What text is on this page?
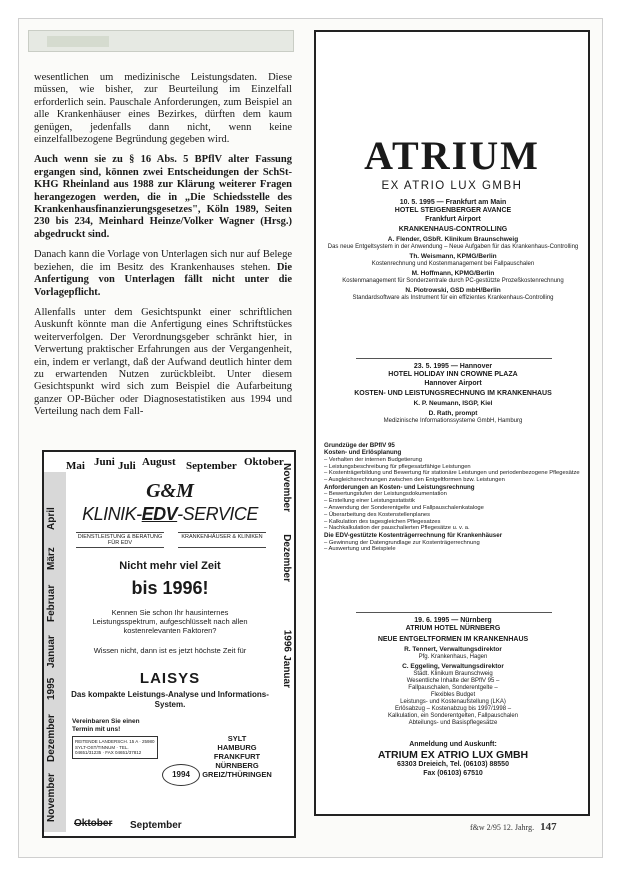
wesentlichen um medizinische Leistungsdaten. Diese müssen, wie bisher, zur Beurteilung im Einzelfall erforderlich sein. Pauschale Anforderungen, zum Beispiel an alle Krankenhäuser eines Bezirkes, dürften dem kaum genügen, jedenfalls dann nicht, wenn keine einzelfallbezogene Begründung gegeben wird.

Auch wenn sie zu § 16 Abs. 5 BPflV alter Fassung ergangen sind, können zwei Entscheidungen der SchSt-KHG Rheinland aus 1988 zur Klärung weiterer Fragen herangezogen werden, die in „Die Schiedsstelle des Krankenhausfinanzierungsgesetzes", Köln 1989, Seiten 230 bis 234, Meinhard Heinze/Volker Wagner (Hrsg.) abgedruckt sind.

Danach kann die Vorlage von Unterlagen sich nur auf Belege beziehen, die im Besitz des Krankenhauses stehen. Die Anfertigung von Unterlagen fällt nicht unter die Vorlagepflicht.

Allenfalls unter dem Gesichtspunkt einer schriftlichen Auskunft könnte man die Anfertigung eines Schriftstückes weiterverfolgen. Der Verordnungsgeber schränkt hier, in Verwertung praktischer Erfahrungen aus der Vergangenheit, ein, indem er verlangt, daß der Aufwand deutlich hinter dem zu erwartenden Nutzen zurückbleibt. Unter diesem Gesichtspunkt wird sich zum Beispiel die Aufarbeitung ganzer OP-Bücher oder Diagnosestatistiken aus 1994 und Verteilung nach dem Fall-

Mai Juni Juli August September Oktober
April
März
Februar
Januar
1995
Dezember
November
November
Dezember
1996
Januar
G&M
KLINIK-EDV-SERVICE
DIENSTLEISTUNG & BERATUNG FÜR EDV
KRANKENHÄUSER & KLINIKEN
Nicht mehr viel Zeit
bis 1996!
Kennen Sie schon Ihr hausinternes Leistungsspektrum, aufgeschlüsselt nach allen kostenrelevanten Faktoren?
Wissen nicht, dann ist es jetzt höchste Zeit für
LAISYS
Das kompakte Leistungs-Analyse und Informations-System.
Vereinbaren Sie einen Termin mit uns!
REITENDE LANDERSCH. 15 A · 25980 SYLT-OST/TINNUM · TEL. 04651/31235 · FAX 04651/37812
1994
SYLT
HAMBURG
FRANKFURT
NÜRNBERG
GREIZ/THÜRINGEN
Oktober September
ATRIUM
EX ATRIO LUX GMBH
10. 5. 1995 — Frankfurt am Main
HOTEL STEIGENBERGER AVANCE
Frankfurt Airport
KRANKENHAUS-CONTROLLING
A. Flender, GSbR. Klinikum Braunschweig
Das neue Entgeltsystem in der Anwendung – Neue Aufgaben für das Krankenhaus-Controlling
Th. Weismann, KPMG/Berlin
Kostenrechnung und Kostenmanagement bei Fallpauschalen
M. Hoffmann, KPMG/Berlin
Kostenmanagement für Sonderzentrale durch PC-gestützte Prozeßkostenrechnung
N. Piotrowski, GSD mbH/Berlin
Standardsoftware als Instrument für ein effizientes Krankenhaus-Controlling
23. 5. 1995 — Hannover
HOTEL HOLIDAY INN CROWNE PLAZA
Hannover Airport
KOSTEN- UND LEISTUNGSRECHNUNG IM KRANKENHAUS
K. P. Neumann, ISGP, Kiel
D. Rath, prompt
Medizinische Informationssysteme GmbH, Hamburg
Grundzüge der BPflV 95
Kosten- und Erlösplanung
– Verhalten der internen Budgetierung
– Leistungsbeschreibung für pflegesatzfähige Leistungen
– Kostenträgerbildung und Bewertung für stationäre Leistungen und periodenbezogene Pflegesätze
– Ausgleichsrechnungen zwischen den Entgeltformen bzw. Leistungen
Anforderungen an Kosten- und Leistungsrechnung
– Bewertungstufen der Leistungsdokumentation
– Erstellung einer Leistungsstatistik
– Anwendung der Sonderentgelte und Fallpauschalenkataloge
– Überarbeitung des Kostenstellenplanes
– Kalkulation des tagesgleichen Pflegesatzes
– Nachkalkulation der pauschalierten Pflegesätze u. v. a.
Die EDV-gestützte Kostenträgerrechnung für Krankenhäuser
– Gewinnung der Datengrundlage zur Kostenträgerrechnung
– Auswertung und Beispiele
19. 6. 1995 — Nürnberg
ATRIUM HOTEL NÜRNBERG
NEUE ENTGELTFORMEN IM KRANKENHAUS
R. Tennert, Verwaltungsdirektor
Pfg. Krankenhaus, Hagen
C. Eggeling, Verwaltungsdirektor
Städt. Klinikum Braunschweig
Wesentliche Inhalte der BPflV 95 –
Fallpauschalen, Sonderentgelte –
Flexibles Budget
Leistungs- und Kostenaufstellung (LKA)
Erlösabzug – Kostenabzug bis 1997/1998 –
Kalkulation, ein Sonderentgelten, Fallpauschalen
Abteilungs- und Basispflegesätze
Anmeldung und Auskunft:
ATRIUM EX ATRIO LUX GMBH
63303 Dreieich, Tel. (06103) 88550
Fax (06103) 67510
f&w 2/95 12. Jahrg. 147
